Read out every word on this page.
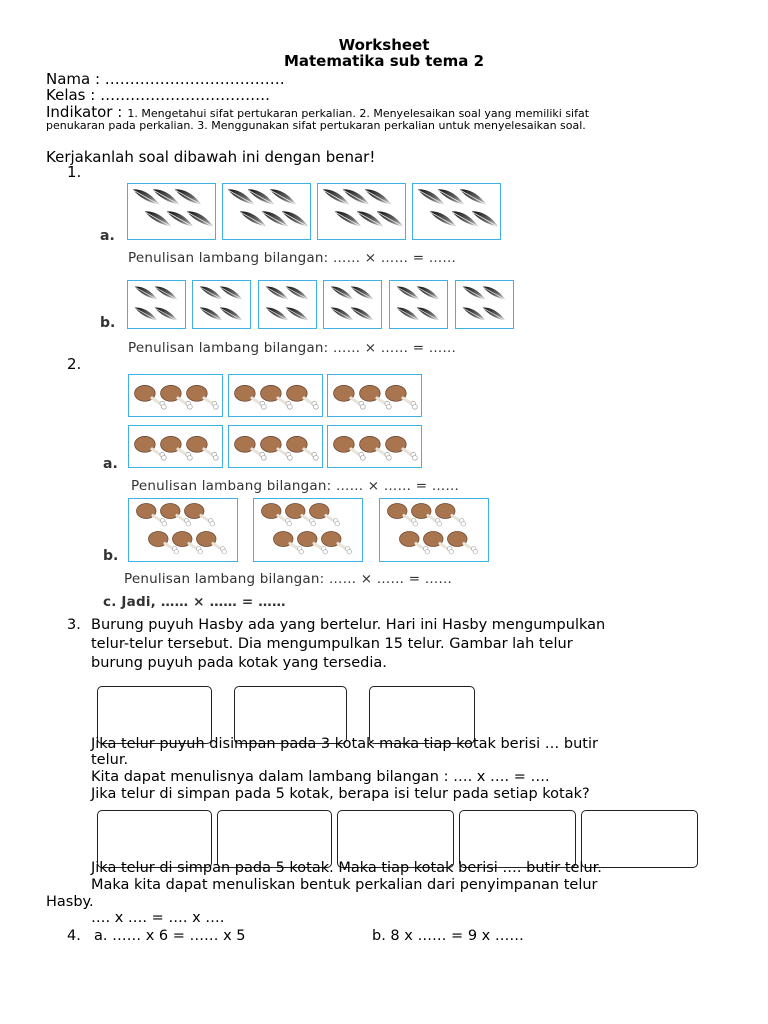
Worksheet
Matematika sub tema 2
Nama : ………………………………
Kelas : …………………………….
Indikator : 1. Mengetahui sifat pertukaran perkalian. 2. Menyelesaikan soal yang memiliki sifat
penukaran pada perkalian. 3. Menggunakan sifat pertukaran perkalian untuk menyelesaikan soal.
Kerjakanlah soal dibawah ini dengan benar!
1.
a.
Penulisan lambang bilangan: …… × …… = ……
b.
Penulisan lambang bilangan: …… × …… = ……
2.
a.
Penulisan lambang bilangan: …… × …… = ……
b.
Penulisan lambang bilangan: …… × …… = ……
c. Jadi, …… × …… = ……
3. Burung puyuh Hasby ada yang bertelur. Hari ini Hasby mengumpulkan
telur-telur tersebut. Dia mengumpulkan 15 telur. Gambar lah telur
burung puyuh pada kotak yang tersedia.
Jika telur puyuh disimpan pada 3 kotak maka tiap kotak berisi … butir
telur.
Kita dapat menulisnya dalam lambang bilangan : …. x …. = ….
Jika telur di simpan pada 5 kotak, berapa isi telur pada setiap kotak?
Jika telur di simpan pada 5 kotak. Maka tiap kotak berisi …. butir telur.
Maka kita dapat menuliskan bentuk perkalian dari penyimpanan telur
Hasby.
…. x …. = …. x ….
4. a. …… x 6 = …… x 5	b. 8 x …… = 9 x ……
